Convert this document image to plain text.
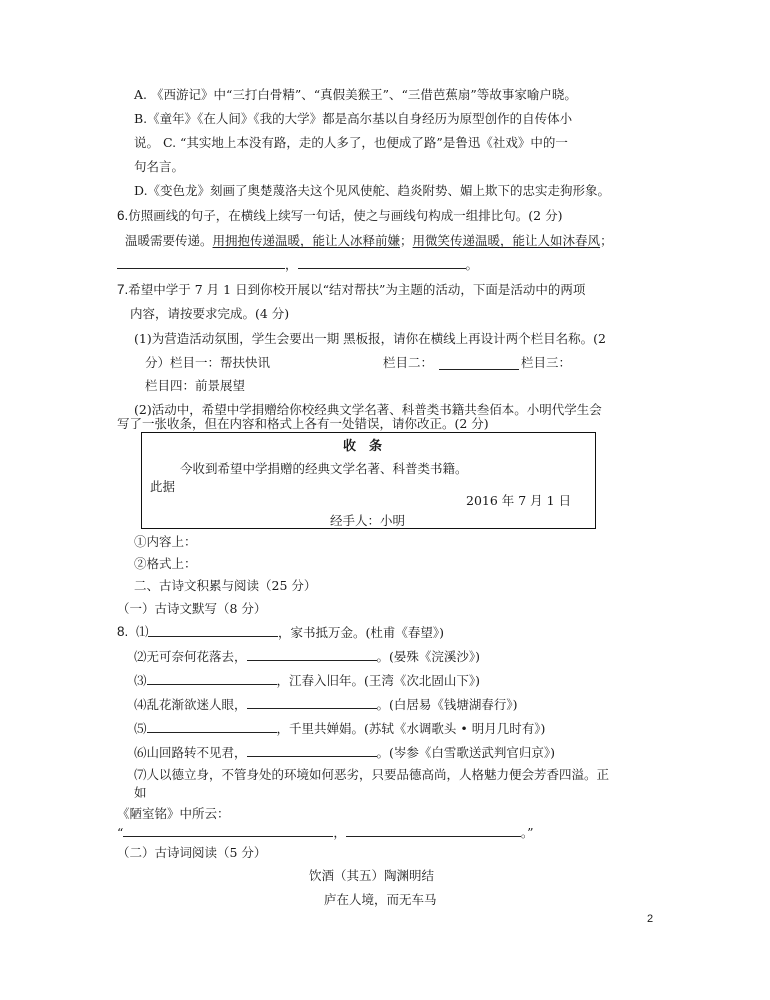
A. 《西游记》中“三打白骨精”、“真假美猴王”、“三借芭蕉扇”等故事家喻户晓。
B.《童年》《在人间》《我的大学》都是高尔基以自身经历为原型创作的自传体小
说。 C. “其实地上本没有路，走的人多了，也便成了路”是鲁迅《社戏》中的一
句名言。
D.《变色龙》刻画了奥楚蔑洛夫这个见风使舵、趋炎附势、媚上欺下的忠实走狗形象。
6.仿照画线的句子，在横线上续写一句话，使之与画线句构成一组排比句。(2 分)
温暖需要传递。用拥抱传递温暖，能让人冰释前嫌；用微笑传递温暖，能让人如沐春风；
，	。
7.希望中学于 7 月 1 日到你校开展以“结对帮扶”为主题的活动，下面是活动中的两项
内容，请按要求完成。(4 分)
(1)为营造活动氛围，学生会要出一期 黑板报，请你在横线上再设计两个栏目名称。(2
分）栏目一：帮扶快讯	栏目二：	栏目三：
栏目四：前景展望
(2)活动中，希望中学捐赠给你校经典文学名著、科普类书籍共叁佰本。小明代学生会
写了一张收条，但在内容和格式上各有一处错误，请你改正。(2 分)
收　条
今收到希望中学捐赠的经典文学名著、科普类书籍。
此据
2016 年 7 月 1 日
经手人：小明
①内容上：
②格式上：
二、古诗文积累与阅读（25 分）
（一）古诗文默写（8 分）
8. ⑴	，家书抵万金。(杜甫《春望》)
⑵无可奈何花落去，	。(晏殊《浣溪沙》)
⑶	，江春入旧年。(王湾《次北固山下》)
⑷乱花渐欲迷人眼，	。(白居易《钱塘湖春行》)
⑸	，千里共婵娟。(苏轼《水调歌头 • 明月几时有》)
⑹山回路转不见君，	。(岑参《白雪歌送武判官归京》)
⑺人以德立身，不管身处的环境如何恶劣，只要品德高尚，人格魅力便会芳香四溢。正
如
《陋室铭》中所云：
“	，	。”
（二）古诗词阅读（5 分）
饮酒（其五）陶渊明结
庐在人境，而无车马
2
